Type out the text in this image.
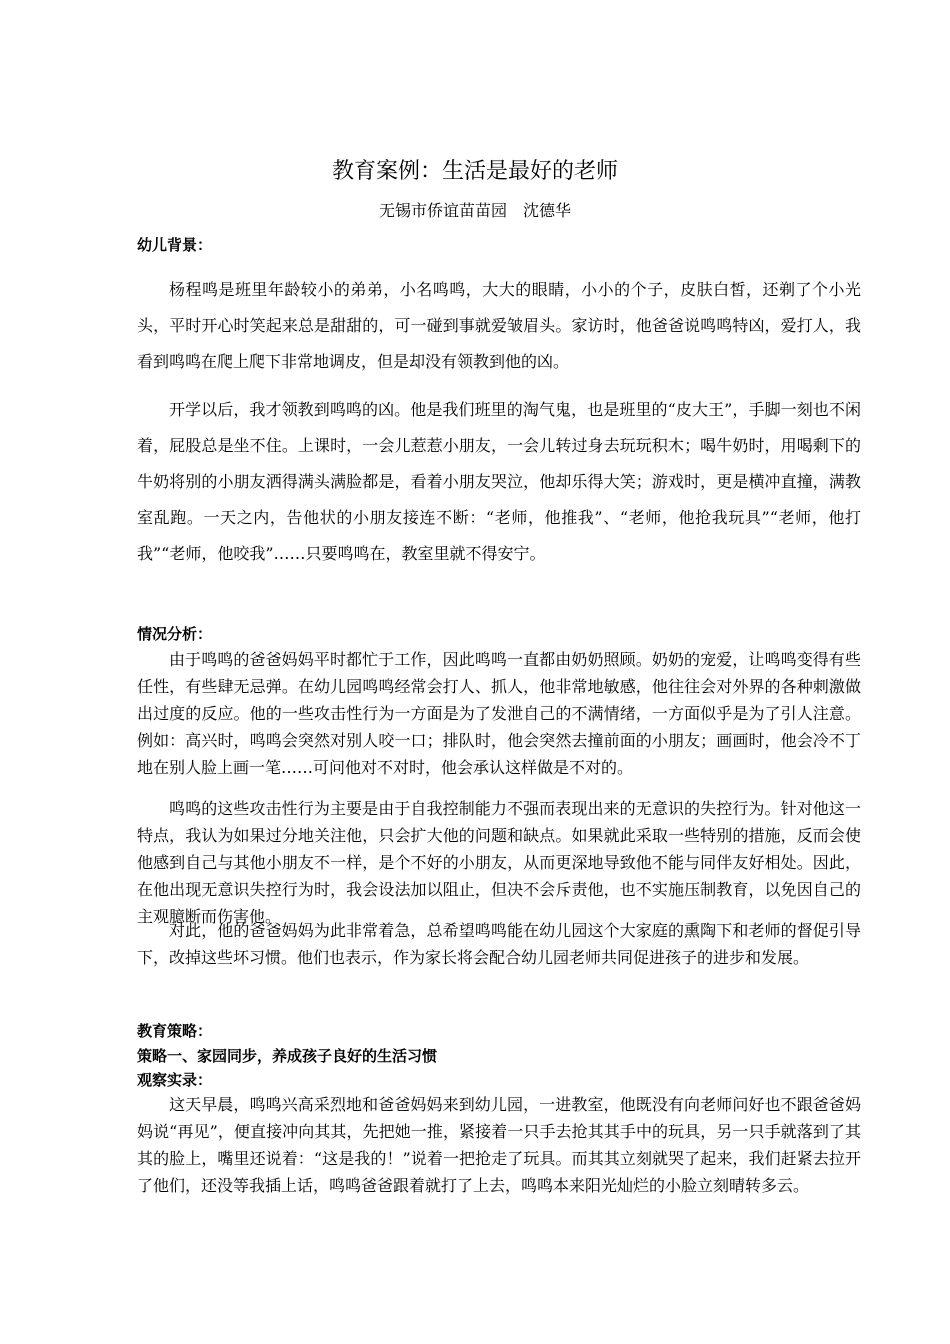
教育案例：生活是最好的老师
无锡市侨谊苗苗园　沈德华
幼儿背景：

杨程鸣是班里年龄较小的弟弟，小名鸣鸣，大大的眼睛，小小的个子，皮肤白皙，还剃了个小光头，平时开心时笑起来总是甜甜的，可一碰到事就爱皱眉头。家访时，他爸爸说鸣鸣特凶，爱打人，我看到鸣鸣在爬上爬下非常地调皮，但是却没有领教到他的凶。

开学以后，我才领教到鸣鸣的凶。他是我们班里的淘气鬼，也是班里的“皮大王”，手脚一刻也不闲着，屁股总是坐不住。上课时，一会儿惹惹小朋友，一会儿转过身去玩玩积木；喝牛奶时，用喝剩下的牛奶将别的小朋友洒得满头满脸都是，看着小朋友哭泣，他却乐得大笑；游戏时，更是横冲直撞，满教室乱跑。一天之内，告他状的小朋友接连不断：“老师，他推我”、“老师，他抢我玩具”“老师，他打我”“老师，他咬我”……只要鸣鸣在，教室里就不得安宁。

情况分析：

由于鸣鸣的爸爸妈妈平时都忙于工作，因此鸣鸣一直都由奶奶照顾。奶奶的宠爱，让鸣鸣变得有些任性，有些肆无忌弹。在幼儿园鸣鸣经常会打人、抓人，他非常地敏感，他往往会对外界的各种刺激做出过度的反应。他的一些攻击性行为一方面是为了发泄自己的不满情绪，一方面似乎是为了引人注意。例如：高兴时，鸣鸣会突然对别人咬一口；排队时，他会突然去撞前面的小朋友；画画时，他会冷不丁地在别人脸上画一笔……可问他对不对时，他会承认这样做是不对的。

鸣鸣的这些攻击性行为主要是由于自我控制能力不强而表现出来的无意识的失控行为。针对他这一特点，我认为如果过分地关注他，只会扩大他的问题和缺点。如果就此采取一些特别的措施，反而会使他感到自己与其他小朋友不一样，是个不好的小朋友，从而更深地导致他不能与同伴友好相处。因此，在他出现无意识失控行为时，我会设法加以阻止，但决不会斥责他，也不实施压制教育，以免因自己的主观臆断而伤害他。

对此，他的爸爸妈妈为此非常着急，总希望鸣鸣能在幼儿园这个大家庭的熏陶下和老师的督促引导下，改掉这些坏习惯。他们也表示，作为家长将会配合幼儿园老师共同促进孩子的进步和发展。

教育策略：
策略一、家园同步，养成孩子良好的生活习惯
观察实录：

这天早晨，鸣鸣兴高采烈地和爸爸妈妈来到幼儿园，一进教室，他既没有向老师问好也不跟爸爸妈妈说“再见”，便直接冲向其其，先把她一推，紧接着一只手去抢其其手中的玩具，另一只手就落到了其其的脸上，嘴里还说着：“这是我的！”说着一把抢走了玩具。而其其立刻就哭了起来，我们赶紧去拉开了他们，还没等我插上话，鸣鸣爸爸跟着就打了上去，鸣鸣本来阳光灿烂的小脸立刻晴转多云。
